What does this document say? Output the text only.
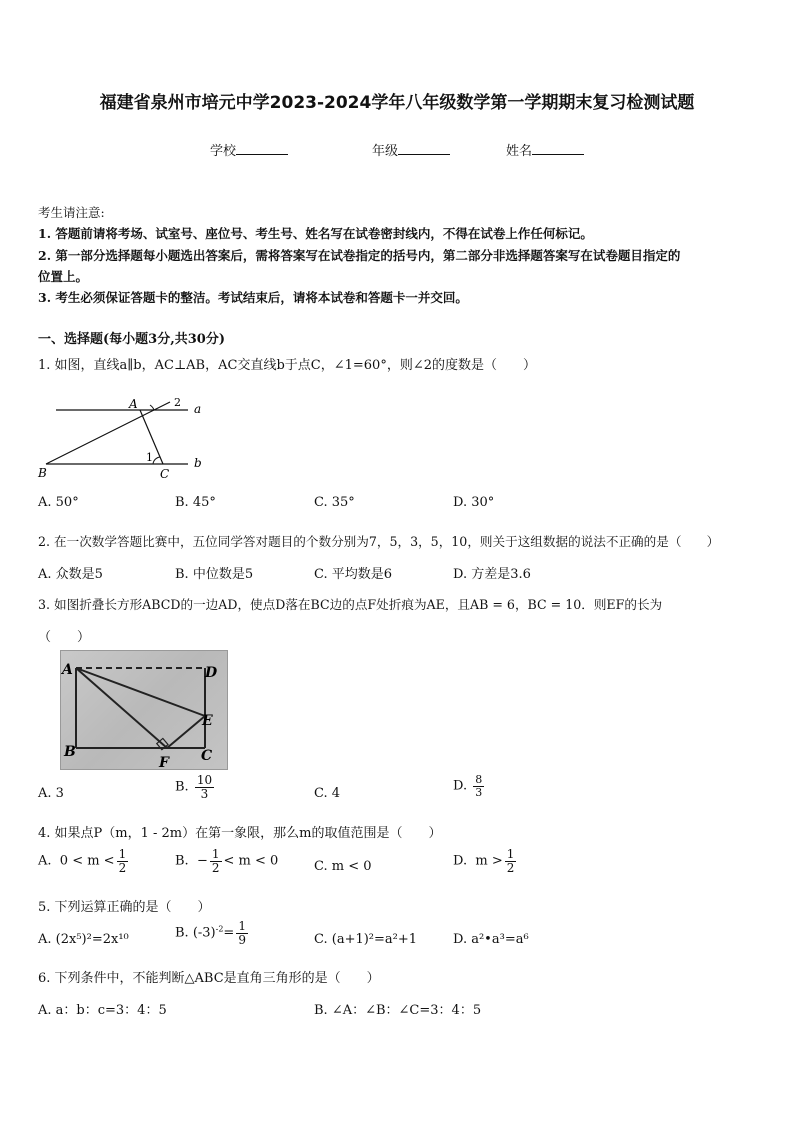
福建省泉州市培元中学2023-2024学年八年级数学第一学期期末复习检测试题
学校	年级	姓名
考生请注意:
1. 答题前请将考场、试室号、座位号、考生号、姓名写在试卷密封线内，不得在试卷上作任何标记。
2. 第一部分选择题每小题选出答案后，需将答案写在试卷指定的括号内，第二部分非选择题答案写在试卷题目指定的
位置上。
3. 考生必须保证答题卡的整洁。考试结束后，请将本试卷和答题卡一并交回。
一、选择题(每小题3分,共30分)
1. 如图，直线a∥b，AC⊥AB，AC交直线b于点C，∠1=60°，则∠2的度数是（　　）
A
B	C
a
b
1
2
A. 50°	B. 45°	C. 35°	D. 30°
2. 在一次数学答题比赛中，五位同学答对题目的个数分别为7，5，3，5，10，则关于这组数据的说法不正确的是（　　）
A. 众数是5	B. 中位数是5	C. 平均数是6	D. 方差是3.6
3. 如图折叠长方形ABCD的一边AD，使点D落在BC边的点F处折痕为AE，且AB = 6，BC = 10．则EF的长为
（　　）
A
B	C
D
E
F
A. 3	B. $\frac{10}{3}$	C. 4	D. $\frac{8}{3}$
4. 如果点P（m，1 - 2m）在第一象限，那么m的取值范围是（　　）
A. $0 < m < \frac{1}{2}$	B. − $\frac{1}{2} < m < 0$	C. m < 0	D. $m > \frac{1}{2}$
5. 下列运算正确的是（　　）
A. (2x⁵)²=2x¹⁰	B. $(-3)^{-2}= \frac{1}{9}$	C. (a+1)²=a²+1	D. a²•a³=a⁶
6. 下列条件中，不能判断△ABC是直角三角形的是（　　）
A. a：b：c=3：4：5	B. ∠A：∠B：∠C=3：4：5
